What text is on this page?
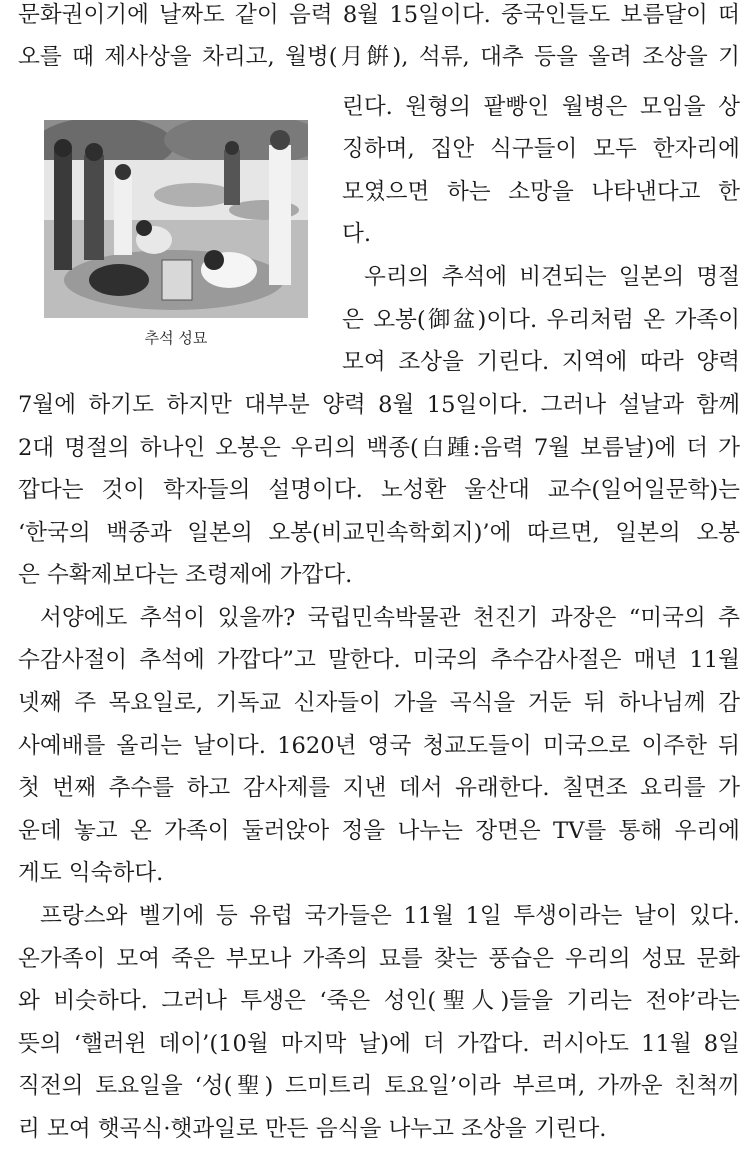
추석 성묘
문화권이기에 날짜도 같이 음력 8월 15일이다. 중국인들도 보름달이 떠
오를 때 제사상을 차리고, 월병(月餠), 석류, 대추 등을 올려 조상을 기
린다. 원형의 팥빵인 월병은 모임을 상
징하며, 집안 식구들이 모두 한자리에
모였으면 하는 소망을 나타낸다고 한
다.
우리의 추석에 비견되는 일본의 명절
은 오봉(御盆)이다. 우리처럼 온 가족이
모여 조상을 기린다. 지역에 따라 양력
7월에 하기도 하지만 대부분 양력 8월 15일이다. 그러나 설날과 함께
2대 명절의 하나인 오봉은 우리의 백종(白踵:음력 7월 보름날)에 더 가
깝다는 것이 학자들의 설명이다. 노성환 울산대 교수(일어일문학)는
‘한국의 백중과 일본의 오봉(비교민속학회지)’에 따르면, 일본의 오봉
은 수확제보다는 조령제에 가깝다.
서양에도 추석이 있을까? 국립민속박물관 천진기 과장은 “미국의 추
수감사절이 추석에 가깝다”고 말한다. 미국의 추수감사절은 매년 11월
넷째 주 목요일로, 기독교 신자들이 가을 곡식을 거둔 뒤 하나님께 감
사예배를 올리는 날이다. 1620년 영국 청교도들이 미국으로 이주한 뒤
첫 번째 추수를 하고 감사제를 지낸 데서 유래한다. 칠면조 요리를 가
운데 놓고 온 가족이 둘러앉아 정을 나누는 장면은 TV를 통해 우리에
게도 익숙하다.
프랑스와 벨기에 등 유럽 국가들은 11월 1일 투생이라는 날이 있다.
온가족이 모여 죽은 부모나 가족의 묘를 찾는 풍습은 우리의 성묘 문화
와 비슷하다. 그러나 투생은 ‘죽은 성인(聖人)들을 기리는 전야’라는
뜻의 ‘핼러윈 데이’(10월 마지막 날)에 더 가깝다. 러시아도 11월 8일
직전의 토요일을 ‘성(聖) 드미트리 토요일’이라 부르며, 가까운 친척끼
리 모여 햇곡식·햇과일로 만든 음식을 나누고 조상을 기린다.
